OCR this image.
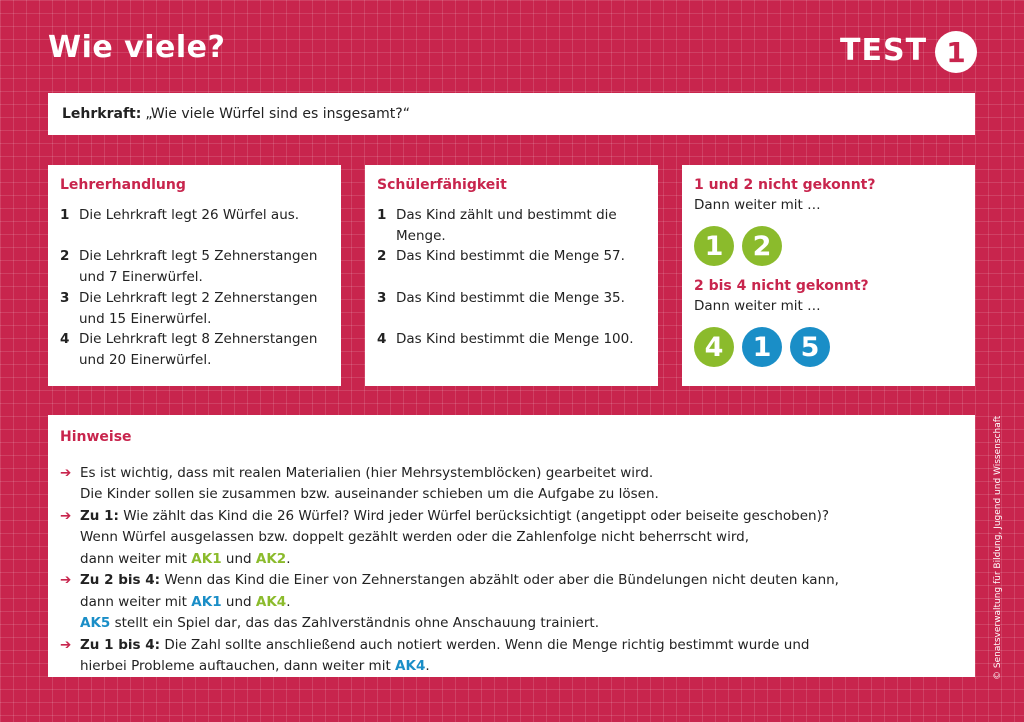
Wie viele?	TEST 1
Lehrkraft: „Wie viele Würfel sind es insgesamt?“
Lehrerhandlung
1 Die Lehrkraft legt 26 Würfel aus.
2 Die Lehrkraft legt 5 Zehnerstangen und 7 Einerwürfel.
3 Die Lehrkraft legt 2 Zehnerstangen und 15 Einerwürfel.
4 Die Lehrkraft legt 8 Zehnerstangen und 20 Einerwürfel.
Schülerfähigkeit
1 Das Kind zählt und bestimmt die Menge.
2 Das Kind bestimmt die Menge 57.
3 Das Kind bestimmt die Menge 35.
4 Das Kind bestimmt die Menge 100.
1 und 2 nicht gekonnt?
Dann weiter mit …
1	2
2 bis 4 nicht gekonnt?
Dann weiter mit …
4	1	5
Hinweise
➔ Es ist wichtig, dass mit realen Materialien (hier Mehrsystemblöcken) gearbeitet wird.
Die Kinder sollen sie zusammen bzw. auseinander schieben um die Aufgabe zu lösen.
➔ Zu 1: Wie zählt das Kind die 26 Würfel? Wird jeder Würfel berücksichtigt (angetippt oder beiseite geschoben)?
Wenn Würfel ausgelassen bzw. doppelt gezählt werden oder die Zahlenfolge nicht beherrscht wird,
dann weiter mit AK1 und AK2.
➔ Zu 2 bis 4: Wenn das Kind die Einer von Zehnerstangen abzählt oder aber die Bündelungen nicht deuten kann,
dann weiter mit AK1 und AK4.
AK5 stellt ein Spiel dar, das das Zahlverständnis ohne Anschauung trainiert.
➔ Zu 1 bis 4: Die Zahl sollte anschließend auch notiert werden. Wenn die Menge richtig bestimmt wurde und
hierbei Probleme auftauchen, dann weiter mit AK4.	© Senatsverwaltung für Bildung, Jugend und Wissenschaft
